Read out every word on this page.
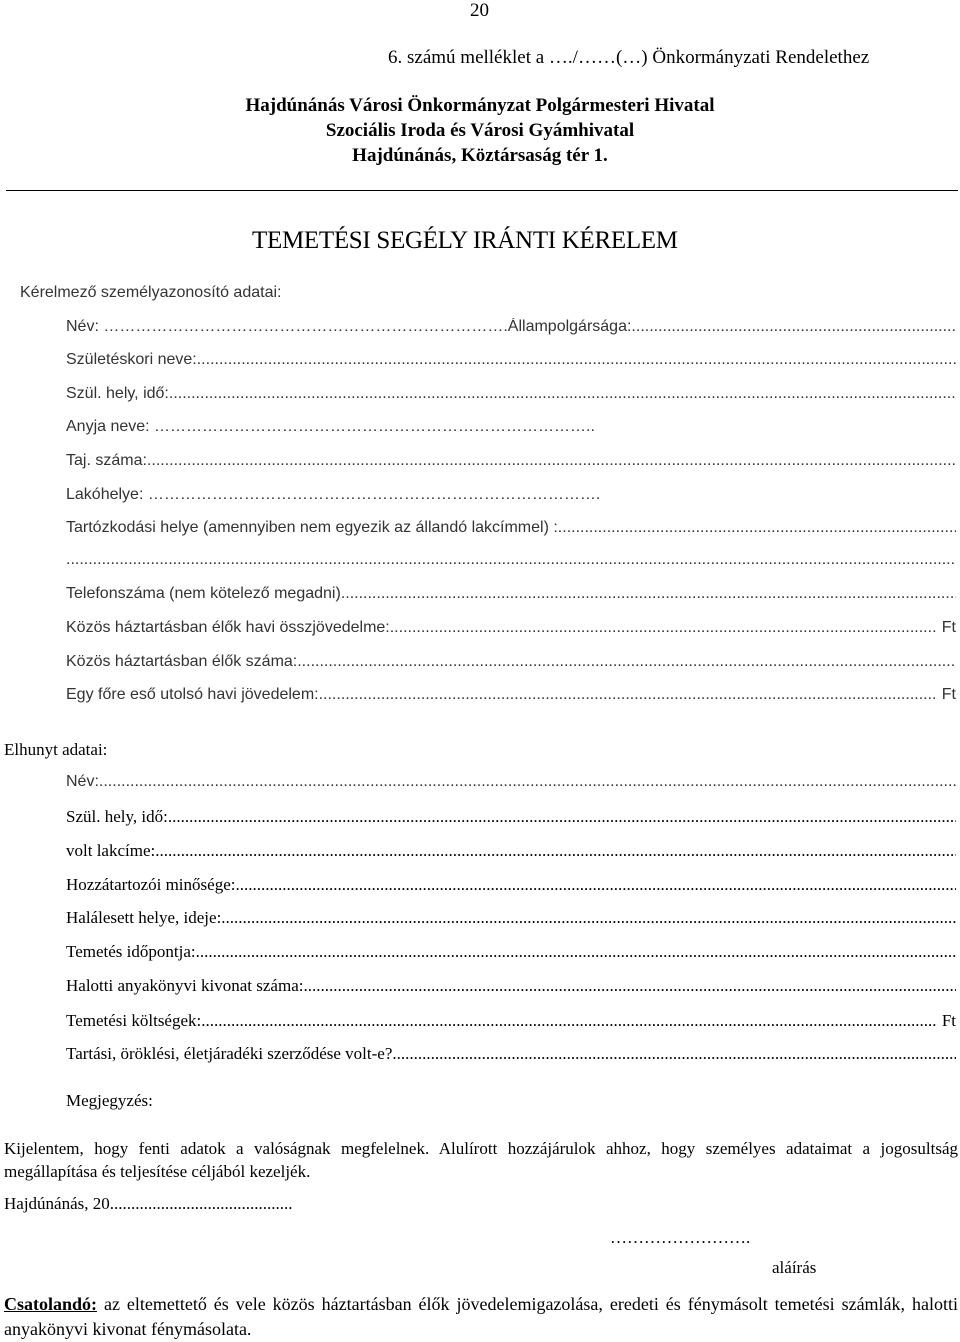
20
6. számú melléklet a …./……(…) Önkormányzati Rendelethez
Hajdúnánás Városi Önkormányzat Polgármesteri Hivatal
Szociális Iroda és Városi Gyámhivatal
Hajdúnánás, Köztársaság tér 1.
TEMETÉSI SEGÉLY IRÁNTI KÉRELEM
Kérelmező személyazonosító adatai:
Név: ………………………………………………………………….Állampolgársága:
.....
Születéskori neve:
.....
Szül. hely, idő:
.....
Anyja neve: ………………………………………………………………………..
Taj. száma:
.....
Lakóhelye: ………………………………………………………………………….
Tartózkodási helye (amennyiben nem egyezik az állandó lakcímmel) :
.....
.....
Telefonszáma (nem kötelező megadni)
.....
Közös háztartásban élők havi összjövedelme: .....	Ft
Közös háztartásban élők száma:
.....
Egy főre eső utolsó havi jövedelem: .....	Ft
Elhunyt adatai:
Név:
.....
Szül. hely, idő:
.....
volt lakcíme:
.....
Hozzátartozói minősége:
.....
Halálesett helye, ideje:
.....
Temetés időpontja:
.....
Halotti anyakönyvi kivonat száma:
.....
Temetési költségek: .....	Ft
Tartási, öröklési, életjáradéki szerződése volt-e?
.....
Megjegyzés:
Kijelentem, hogy fenti adatok a valóságnak megfelelnek. Alulírott hozzájárulok ahhoz, hogy személyes adataimat a jogosultság megállapítása és teljesítése céljából kezeljék.
Hajdúnánás, 20...........................................
…………………….
aláírás
Csatolandó: az eltemettető és vele közös háztartásban élők jövedelemigazolása, eredeti és fénymásolt temetési számlák, halotti anyakönyvi kivonat fénymásolata.
